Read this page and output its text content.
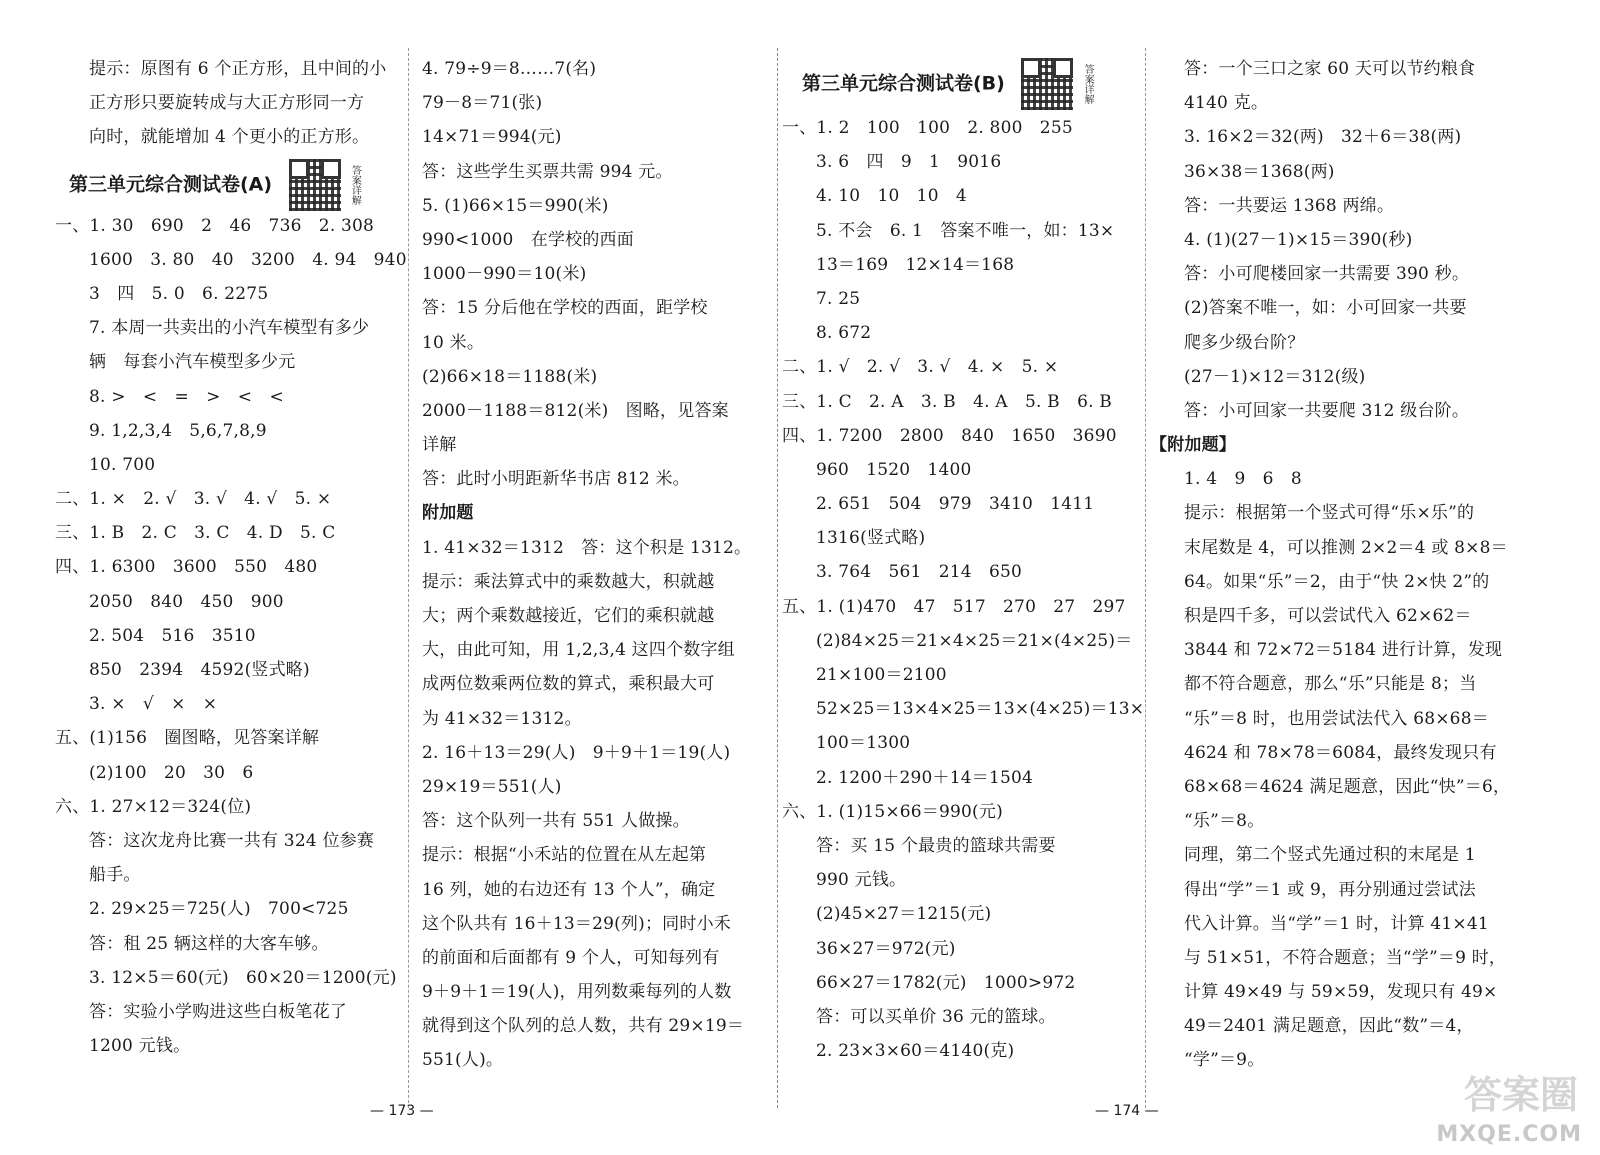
提示：原图有 6 个正方形，且中间的小
正方形只要旋转成与大正方形同一方
向时，就能增加 4 个更小的正方形。
第三单元综合测试卷(A)	答案详解
一、1. 30　690　2　46　736　2. 308
1600　3. 80　40　3200　4. 94　940
3　四　5. 0　6. 2275
7. 本周一共卖出的小汽车模型有多少
辆　每套小汽车模型多少元
8. >　<　=　>　<　<
9. 1,2,3,4　5,6,7,8,9
10. 700
二、1. ×　2. √　3. √　4. √　5. ×
三、1. B　2. C　3. C　4. D　5. C
四、1. 6300　3600　550　480
2050　840　450　900
2. 504　516　3510
850　2394　4592(竖式略)
3. ×　√　×　×
五、(1)156　圈图略，见答案详解
(2)100　20　30　6
六、1. 27×12＝324(位)
答：这次龙舟比赛一共有 324 位参赛
船手。
2. 29×25＝725(人)　700<725
答：租 25 辆这样的大客车够。
3. 12×5＝60(元)　60×20＝1200(元)
答：实验小学购进这些白板笔花了
1200 元钱。
4. 79÷9＝8……7(名)
79－8＝71(张)
14×71＝994(元)
答：这些学生买票共需 994 元。
5. (1)66×15＝990(米)
990<1000　在学校的西面
1000－990＝10(米)
答：15 分后他在学校的西面，距学校
10 米。
(2)66×18＝1188(米)
2000－1188＝812(米)　图略，见答案
详解
答：此时小明距新华书店 812 米。
附加题
1. 41×32＝1312　答：这个积是 1312。
提示：乘法算式中的乘数越大，积就越
大；两个乘数越接近，它们的乘积就越
大，由此可知，用 1,2,3,4 这四个数字组
成两位数乘两位数的算式，乘积最大可
为 41×32＝1312。
2. 16＋13＝29(人)　9＋9＋1＝19(人)
29×19＝551(人)
答：这个队列一共有 551 人做操。
提示：根据“小禾站的位置在从左起第
16 列，她的右边还有 13 个人”，确定
这个队共有 16＋13＝29(列)；同时小禾
的前面和后面都有 9 个人，可知每列有
9＋9＋1＝19(人)，用列数乘每列的人数
就得到这个队列的总人数，共有 29×19＝
551(人)。
第三单元综合测试卷(B)	答案详解
一、1. 2　100　100　2. 800　255
3. 6　四　9　1　9016
4. 10　10　10　4
5. 不会　6. 1　答案不唯一，如：13×
13＝169　12×14＝168
7. 25
8. 672
二、1. √　2. √　3. √　4. ×　5. ×
三、1. C　2. A　3. B　4. A　5. B　6. B
四、1. 7200　2800　840　1650　3690
960　1520　1400
2. 651　504　979　3410　1411
1316(竖式略)
3. 764　561　214　650
五、1. (1)470　47　517　270　27　297
(2)84×25＝21×4×25＝21×(4×25)＝
21×100＝2100
52×25＝13×4×25＝13×(4×25)＝13×
100＝1300
2. 1200＋290＋14＝1504
六、1. (1)15×66＝990(元)
答：买 15 个最贵的篮球共需要
990 元钱。
(2)45×27＝1215(元)
36×27＝972(元)
66×27＝1782(元)　1000>972
答：可以买单价 36 元的篮球。
2. 23×3×60＝4140(克)
答：一个三口之家 60 天可以节约粮食
4140 克。
3. 16×2＝32(两)　32＋6＝38(两)
36×38＝1368(两)
答：一共要运 1368 两绵。
4. (1)(27－1)×15＝390(秒)
答：小可爬楼回家一共需要 390 秒。
(2)答案不唯一，如：小可回家一共要
爬多少级台阶？
(27－1)×12＝312(级)
答：小可回家一共要爬 312 级台阶。
【附加题】
1. 4　9　6　8
提示：根据第一个竖式可得“乐×乐”的
末尾数是 4，可以推测 2×2＝4 或 8×8＝
64。如果“乐”＝2，由于“快 2×快 2”的
积是四千多，可以尝试代入 62×62＝
3844 和 72×72＝5184 进行计算，发现
都不符合题意，那么“乐”只能是 8；当
“乐”＝8 时，也用尝试法代入 68×68＝
4624 和 78×78＝6084，最终发现只有
68×68＝4624 满足题意，因此“快”＝6，
“乐”＝8。
同理，第二个竖式先通过积的末尾是 1
得出“学”＝1 或 9，再分别通过尝试法
代入计算。当“学”＝1 时，计算 41×41
与 51×51，不符合题意；当“学”＝9 时，
计算 49×49 与 59×59，发现只有 49×
49＝2401 满足题意，因此“数”＝4，
“学”＝9。
— 173 —	— 174 —	答案圈
MXQE.COM
